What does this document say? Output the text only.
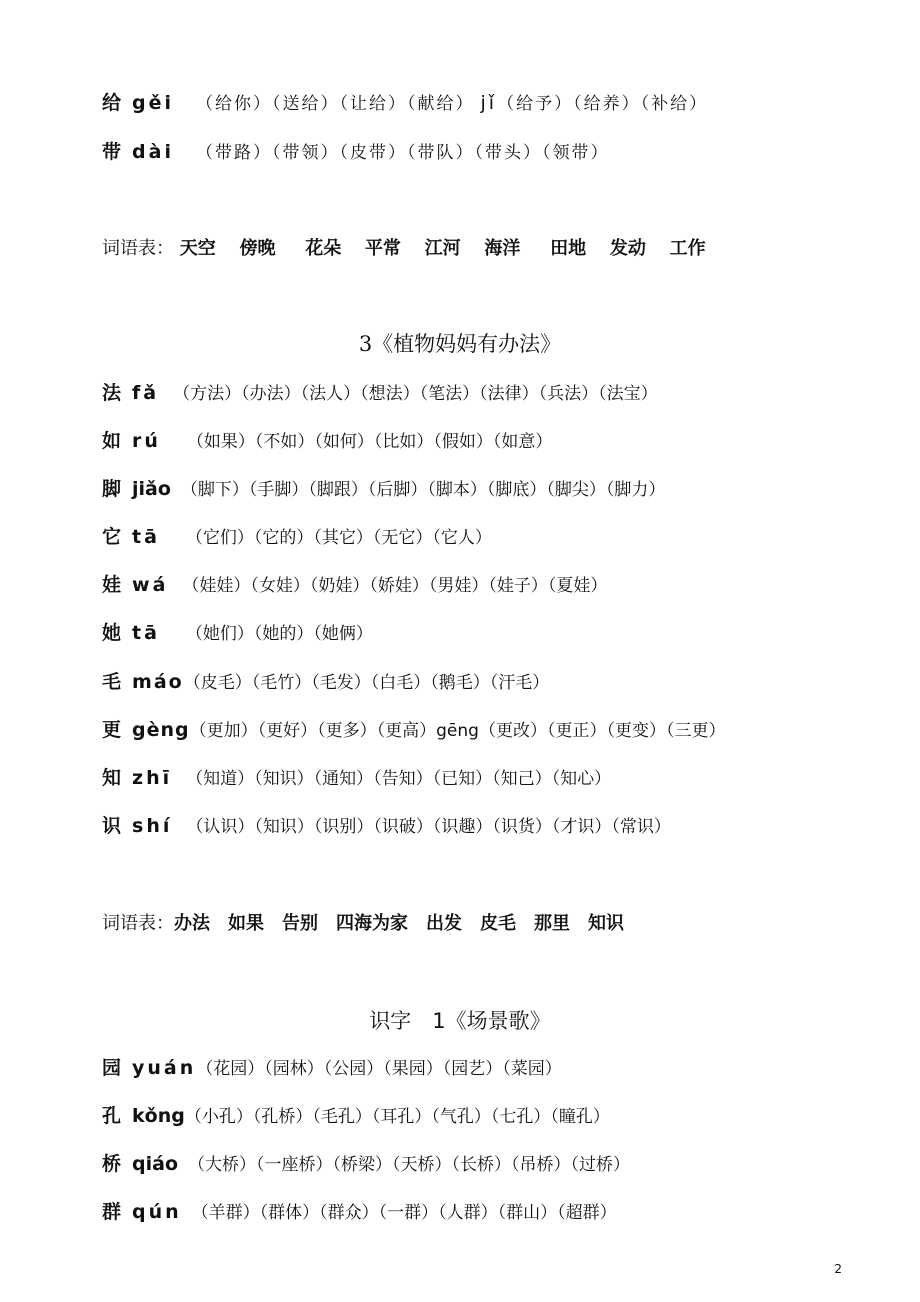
给 gěi （给你）（送给）（让给）（献给） jǐ（给予）（给养）（补给）
带 dài （带路）（带领）（皮带）（带队）（带头）（领带）
词语表： 天空 傍晚 花朵 平常 江河 海洋 田地 发动 工作
3《植物妈妈有办法》
法 fǎ （方法）（办法）（法人）（想法）（笔法）（法律）（兵法）（法宝）
如 rú （如果）（不如）（如何）（比如）（假如）（如意）
脚 jiǎo （脚下）（手脚）（脚跟）（后脚）（脚本）（脚底）（脚尖）（脚力）
它 tā （它们）（它的）（其它）（无它）（它人）
娃 wá （娃娃）（女娃）（奶娃）（娇娃）（男娃）（娃子）（夏娃）
她 tā （她们）（她的）（她俩）
毛 máo（皮毛）（毛竹）（毛发）（白毛）（鹅毛）（汗毛）
更 gèng（更加）（更好）（更多）（更高）gēng（更改）（更正）（更变）（三更）
知 zhī （知道）（知识）（通知）（告知）（已知）（知己）（知心）
识 shí （认识）（知识）（识别）（识破）（识趣）（识货）（才识）（常识）
词语表：办法 如果 告别 四海为家 出发 皮毛 那里 知识
识字　1《场景歌》
园 yuán（花园）（园林）（公园）（果园）（园艺）（菜园）
孔 kǒng（小孔）（孔桥）（毛孔）（耳孔）（气孔）（七孔）（瞳孔）
桥 qiáo （大桥）（一座桥）（桥梁）（天桥）（长桥）（吊桥）（过桥）
群 qún （羊群）（群体）（群众）（一群）（人群）（群山）（超群）
2
